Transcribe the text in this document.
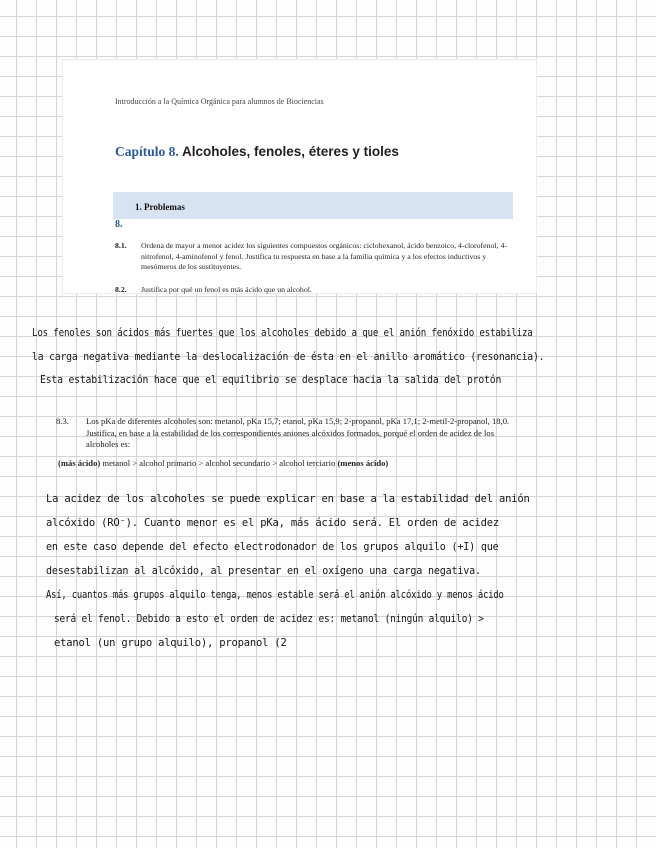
Introducción a la Química Orgánica para alumnos de Biociencias
Capítulo 8. Alcoholes, fenoles, éteres y tioles
1. Problemas
8.
8.1. Ordena de mayor a menor acidez los siguientes compuestos orgánicos: ciclohexanol, ácido benzoico, 4-clorofenol, 4-nitrofenol, 4-aminofenol y fenol. Justifica tu respuesta en base a la familia química y a los efectos inductivos y mesómeros de los sustituyentes.
8.2. Justifica por qué un fenol es más ácido que un alcohol.
Los fenoles son ácidos más fuertes que los alcoholes debido a que el anión fenóxido estabiliza
la carga negativa mediante la deslocalización de ésta en el anillo aromático (resonancia).
Esta estabilización hace que el equilibrio se desplace hacia la salida del protón
8.3. Los pKa de diferentes alcoholes son: metanol, pKa 15,7; etanol, pKa 15,9; 2-propanol, pKa 17,1; 2-metil-2-propanol, 18,0. Justifica, en base a la estabilidad de los correspondientes aniones alcóxidos formados, porqué el orden de acidez de los alcoholes es:
(más ácido) metanol > alcohol primario > alcohol secundario > alcohol terciario (menos ácido)
La acidez de los alcoholes se puede explicar en base a la estabilidad del anión
alcóxido (RO⁻). Cuanto menor es el pKa, más ácido será. El orden de acidez
en este caso depende del efecto electrodonador de los grupos alquilo (+I) que
desestabilizan al alcóxido, al presentar en el oxígeno una carga negativa.
Así, cuantos más grupos alquilo tenga, menos estable será el anión alcóxido y menos ácido
será el fenol. Debido a esto el orden de acidez es: metanol (ningún alquilo) >
etanol (un grupo alquilo), propanol (2
